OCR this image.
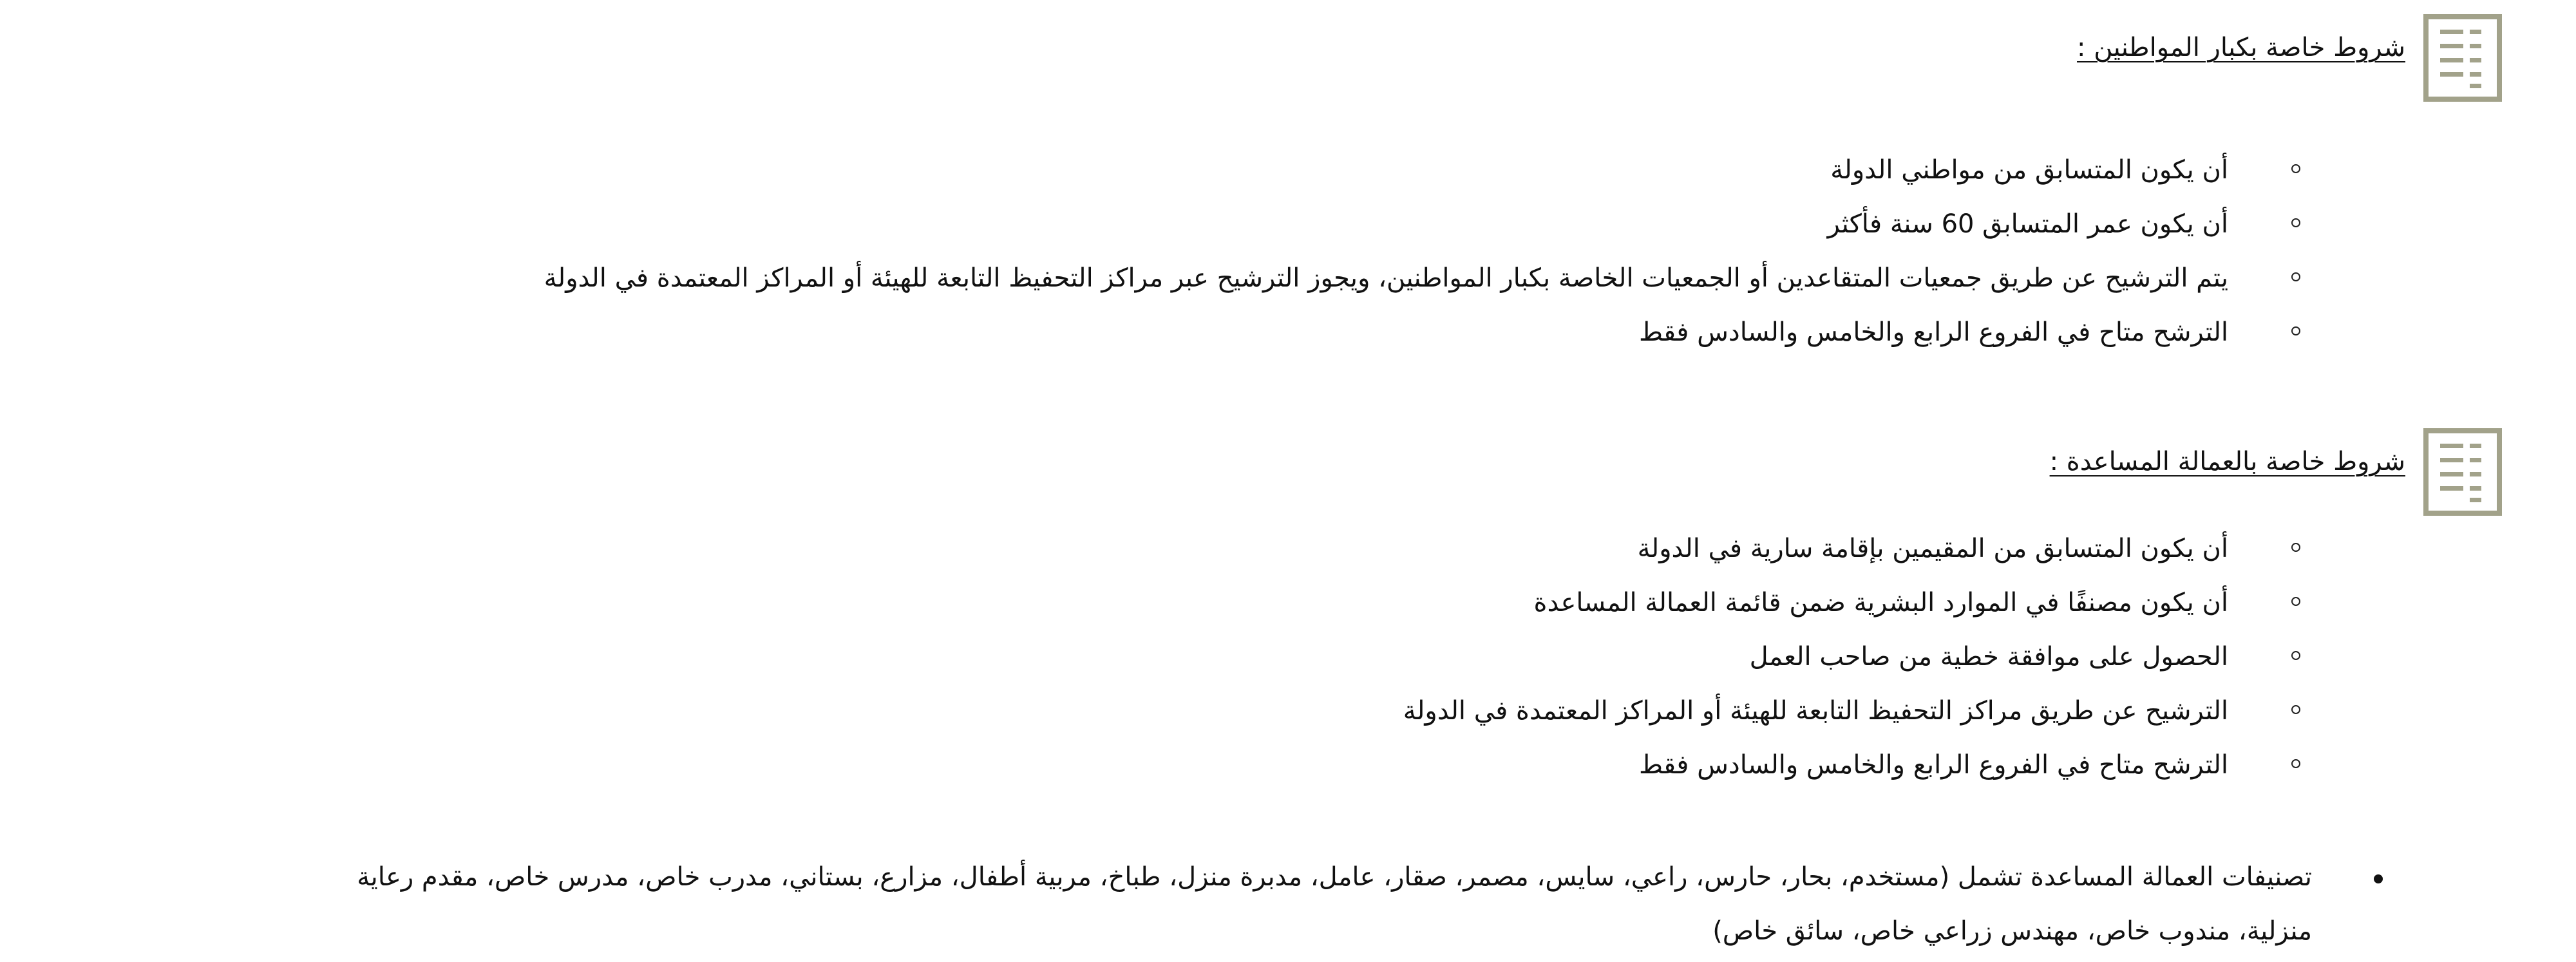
شروط خاصة بكبار المواطنين :
أن يكون المتسابق من مواطني الدولة
أن يكون عمر المتسابق 60 سنة فأكثر
يتم الترشيح عن طريق جمعيات المتقاعدين أو الجمعيات الخاصة بكبار المواطنين، ويجوز الترشيح عبر مراكز التحفيظ التابعة للهيئة أو المراكز المعتمدة في الدولة
الترشح متاح في الفروع الرابع والخامس والسادس فقط
شروط خاصة بالعمالة المساعدة :
أن يكون المتسابق من المقيمين بإقامة سارية في الدولة
أن يكون مصنفًا في الموارد البشرية ضمن قائمة العمالة المساعدة
الحصول على موافقة خطية من صاحب العمل
الترشيح عن طريق مراكز التحفيظ التابعة للهيئة أو المراكز المعتمدة في الدولة
الترشح متاح في الفروع الرابع والخامس والسادس فقط
تصنيفات العمالة المساعدة تشمل (مستخدم، بحار، حارس، راعي، سايس، مصمر، صقار، عامل، مدبرة منزل، طباخ، مربية أطفال، مزارع، بستاني، مدرب خاص، مدرس خاص، مقدم رعاية منزلية، مندوب خاص، مهندس زراعي خاص، سائق خاص)
